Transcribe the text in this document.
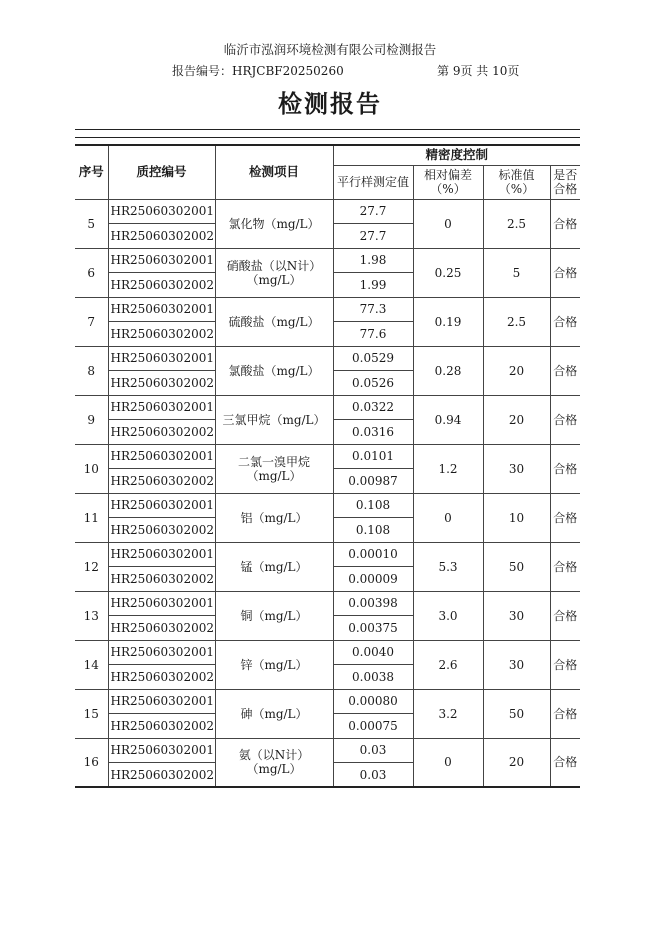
临沂市泓润环境检测有限公司检测报告
报告编号：HRJCBF20250260	第 9页 共 10页
检测报告
序号	质控编号	检测项目	精密度控制			
			平行样测定值	相对偏差（%）	标准值（%）	是否合格
5	HR25060302001	氯化物（mg/L）	27.7	0	2.5	合格
	HR25060302002		27.7			
6	HR25060302001	硝酸盐（以N计）（mg/L）	1.98	0.25	5	合格
	HR25060302002		1.99			
7	HR25060302001	硫酸盐（mg/L）	77.3	0.19	2.5	合格
	HR25060302002		77.6			
8	HR25060302001	氯酸盐（mg/L）	0.0529	0.28	20	合格
	HR25060302002		0.0526			
9	HR25060302001	三氯甲烷（mg/L）	0.0322	0.94	20	合格
	HR25060302002		0.0316			
10	HR25060302001	二氯一溴甲烷（mg/L）	0.0101	1.2	30	合格
	HR25060302002		0.00987			
11	HR25060302001	铝（mg/L）	0.108	0	10	合格
	HR25060302002		0.108			
12	HR25060302001	锰（mg/L）	0.00010	5.3	50	合格
	HR25060302002		0.00009			
13	HR25060302001	铜（mg/L）	0.00398	3.0	30	合格
	HR25060302002		0.00375			
14	HR25060302001	锌（mg/L）	0.0040	2.6	30	合格
	HR25060302002		0.0038			
15	HR25060302001	砷（mg/L）	0.00080	3.2	50	合格
	HR25060302002		0.00075			
16	HR25060302001	氨（以N计）（mg/L）	0.03	0	20	合格
	HR25060302002		0.03			
